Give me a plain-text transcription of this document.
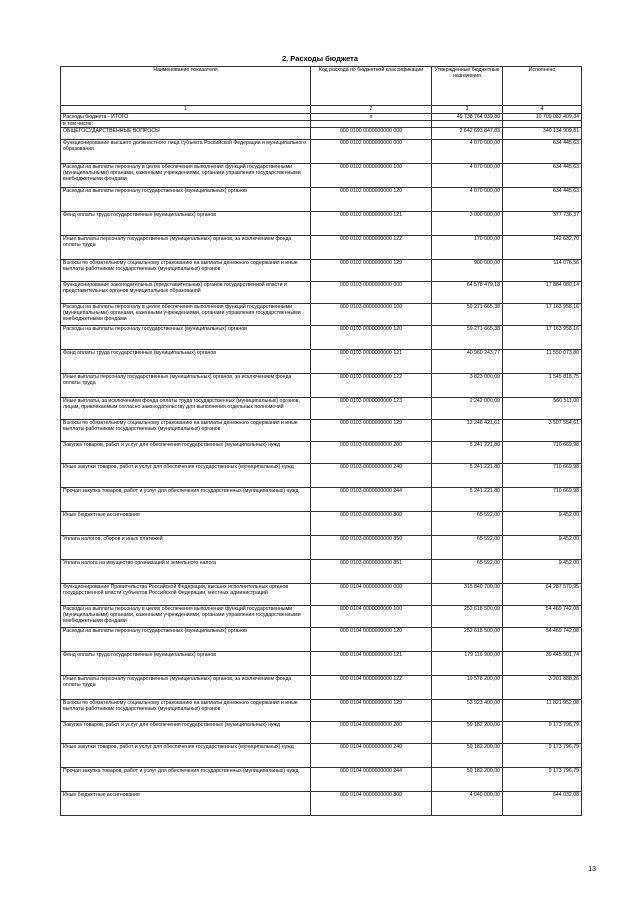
2. Расходы бюджета
Наименование показателя	Код расхода по бюджетной классификации	Утвержденные бюджетные назначения	Исполнено
1	2	3	4

Расходы бюджета - ИТОГО	x	49 738 764 039,80	10 709 082 409,34

в том числе:			

ОБЩЕГОСУДАРСТВЕННЫЕ ВОПРОСЫ	000 0100 0000000000 000	2 642 693 847,83	340 134 909,81

Функционирование высшего должностного лица субъекта Российской Федерации и муниципального образования	000 0102 0000000000 000	4 070 000,00	634 445,63

Расходы на выплаты персоналу в целях обеспечения выполнения функций государственными (муниципальными) органами, казенными учреждениями, органами управления государственными внебюджетными фондами	000 0102 0000000000 100	4 070 000,00	634 445,63

Расходы на выплаты персоналу государственных (муниципальных) органов	000 0102 0000000000 120	4 070 000,00	634 445,63

Фонд оплаты труда государственных (муниципальных) органов	000 0102 0000000000 121	3 000 000,00	377 736,37

Иные выплаты персоналу государственных (муниципальных) органов, за исключением фонда оплаты труда	000 0102 0000000000 122	170 000,00	142 632,70

Взносы по обязательному социальному страхованию на выплаты денежного содержания и иные выплаты работникам государственных (муниципальных) органов	000 0102 0000000000 129	900 000,00	114 076,56

Функционирование законодательных (представительных) органов государственной власти и представительных органов муниципальных образований	000 0103 0000000000 000	64 578 479,18	17 884 080,14

Расходы на выплаты персоналу в целях обеспечения выполнения функций государственными (муниципальными) органами, казенными учреждениями, органами управления государственными внебюджетными фондами	000 0103 0000000000 100	59 271 665,38	17 163 958,16

Расходы на выплаты персоналу государственных (муниципальных) органов	000 0103 0000000000 120	59 271 665,38	17 163 958,16

Фонд оплаты труда государственных (муниципальных) органов	000 0103 0000000000 121	40 960 243,77	11 550 073,80

Иные выплаты персоналу государственных (муниципальных) органов, за исключением фонда оплаты труда	000 0103 0000000000 122	3 823 000,00	1 545 818,75

Иные выплаты, за исключением фонда оплаты труда государственных (муниципальных) органов, лицам, привлекаемым согласно законодательству для выполнения отдельных полномочий	000 0103 0000000000 123	2 242 000,00	560 511,00

Взносы по обязательному социальному страхованию на выплаты денежного содержания и иные выплаты работникам государственных (муниципальных) органов	000 0103 0000000000 129	12 246 421,61	3 507 554,61

Закупка товаров, работ и услуг для обеспечения государственных (муниципальных) нужд	000 0103 0000000000 200	5 241 221,80	710 669,98

Иные закупки товаров, работ и услуг для обеспечения государственных (муниципальных) нужд	000 0103 0000000000 240	5 241 221,80	710 669,98

Прочая закупка товаров, работ и услуг для обеспечения государственных (муниципальных) нужд	000 0103 0000000000 244	5 241 221,80	710 669,98

Иные бюджетные ассигнования	000 0103 0000000000 800	65 592,00	9 452,00

Уплата налогов, сборов и иных платежей	000 0103 0000000000 850	65 592,00	9 452,00

Уплата налога на имущество организаций и земельного налога	000 0103 0000000000 851	65 592,00	9 452,00

Функционирование Правительства Российской Федерации, высших исполнительных органов государственной власти субъектов Российской Федерации, местных администраций	000 0104 0000000000 000	315 840 700,00	64 287 570,95

Расходы на выплаты персоналу в целях обеспечения выполнения функций государственными (муниципальными) органами, казенными учреждениями, органами управления государственными внебюджетными фондами	000 0104 0000000000 100	252 618 500,00	54 469 742,08

Расходы на выплаты персоналу государственных (муниципальных) органов	000 0104 0000000000 120	252 618 500,00	54 469 742,08

Фонд оплаты труда государственных (муниципальных) органов	000 0104 0000000000 121	179 116 900,00	39 445 901,74

Иные выплаты персоналу государственных (муниципальных) органов, за исключением фонда оплаты труда	000 0104 0000000000 122	19 578 200,00	3 201 888,26

Взносы по обязательному социальному страхованию на выплаты денежного содержания и иные выплаты работникам государственных (муниципальных) органов	000 0104 0000000000 129	53 923 400,00	11 821 952,08

Закупка товаров, работ и услуг для обеспечения государственных (муниципальных) нужд	000 0104 0000000000 200	59 182 200,00	9 173 796,79

Иные закупки товаров, работ и услуг для обеспечения государственных (муниципальных) нужд	000 0104 0000000000 240	59 182 200,00	9 173 796,79

Прочая закупка товаров, работ и услуг для обеспечения государственных (муниципальных) нужд	000 0104 0000000000 244	59 182 200,00	9 173 796,79

Иные бюджетные ассигнования	000 0104 0000000000 800	4 040 000,00	644 032,08
13
